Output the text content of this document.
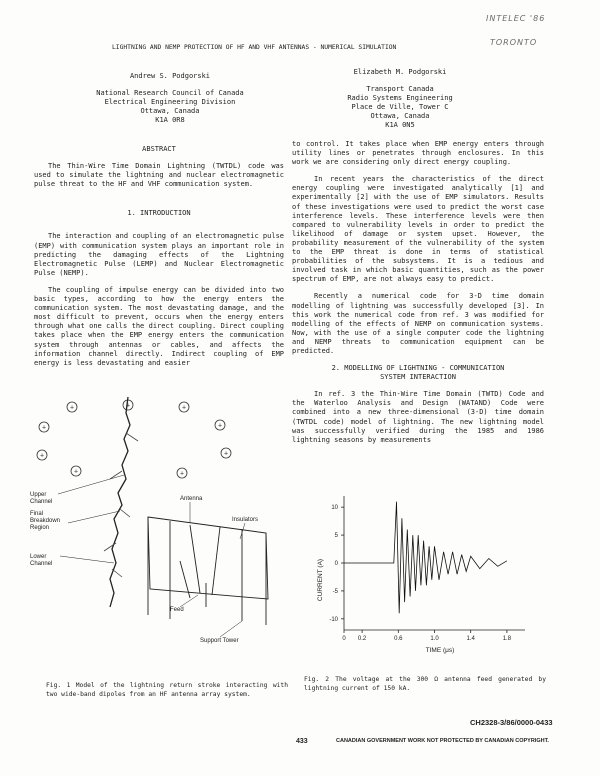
INTELEC '86
TORONTO
LIGHTNING AND NEMP PROTECTION OF HF AND VHF ANTENNAS - NUMERICAL SIMULATION
Andrew S. Podgorski
National Research Council of Canada
Electrical Engineering Division
Ottawa, Canada
K1A 0R8
Elizabeth M. Podgorski
Transport Canada
Radio Systems Engineering
Place de Ville, Tower C
Ottawa, Canada
K1A 0N5
ABSTRACT

The Thin-Wire Time Domain Lightning (TWTDL) code was used to simulate the lightning and nuclear electromagnetic pulse threat to the HF and VHF communication system.

1. INTRODUCTION

The interaction and coupling of an electromagnetic pulse (EMP) with communication system plays an important role in predicting the damaging effects of the Lightning Electromagnetic Pulse (LEMP) and Nuclear Electromagnetic Pulse (NEMP).

The coupling of impulse energy can be divided into two basic types, according to how the energy enters the communication system. The most devastating damage, and the most difficult to prevent, occurs when the energy enters through what one calls the direct coupling. Direct coupling takes place when the EMP energy enters the communication system through antennas or cables, and affects the information channel directly. Indirect coupling of EMP energy is less devastating and easier

to control. It takes place when EMP energy enters through utility lines or penetrates through enclosures. In this work we are considering only direct energy coupling.

In recent years the characteristics of the direct energy coupling were investigated analytically [1] and experimentally [2] with the use of EMP simulators. Results of these investigations were used to predict the worst case interference levels. These interference levels were then compared to vulnerability levels in order to predict the likelihood of damage or system upset. However, the probability measurement of the vulnerability of the system to the EMP threat is done in terms of statistical probabilities of the subsystems. It is a tedious and involved task in which basic quantities, such as the power spectrum of EMP, are not always easy to predict.

Recently a numerical code for 3-D time domain modelling of lightning was successfully developed [3]. In this work the numerical code from ref. 3 was modified for modelling of the effects of NEMP on communication systems. Now, with the use of a single computer code the lightning and NEMP threats to communication equipment can be predicted.

2. MODELLING OF LIGHTNING - COMMUNICATION
SYSTEM INTERACTION

In ref. 3 the Thin-Wire Time Domain (TWTD) Code and the Waterloo Analysis and Design (WATAND) Code were combined into a new three-dimensional (3-D) time domain (TWTDL code) model of lightning. The new lightning model was successfully verified during the 1985 and 1986 lightning seasons by measurements

+	+	+
+	+
+	+
+	+
Upper Channel
Final Breakdown Region
Lower Channel
Antenna
Insulators
Feed
Support Tower
10
5
0
-5
-10
0 0.2	0.6	1.0	1.4	1.8
TIME (μs)
CURRENT (A)
Fig. 1 Model of the lightning return stroke interacting with two wide-band dipoles from an HF antenna array system.
Fig. 2 The voltage at the 300 Ω antenna feed generated by lightning current of 150 kA.
CH2328-3/86/0000-0433
433	CANADIAN GOVERNMENT WORK NOT PROTECTED BY CANADIAN COPYRIGHT.
